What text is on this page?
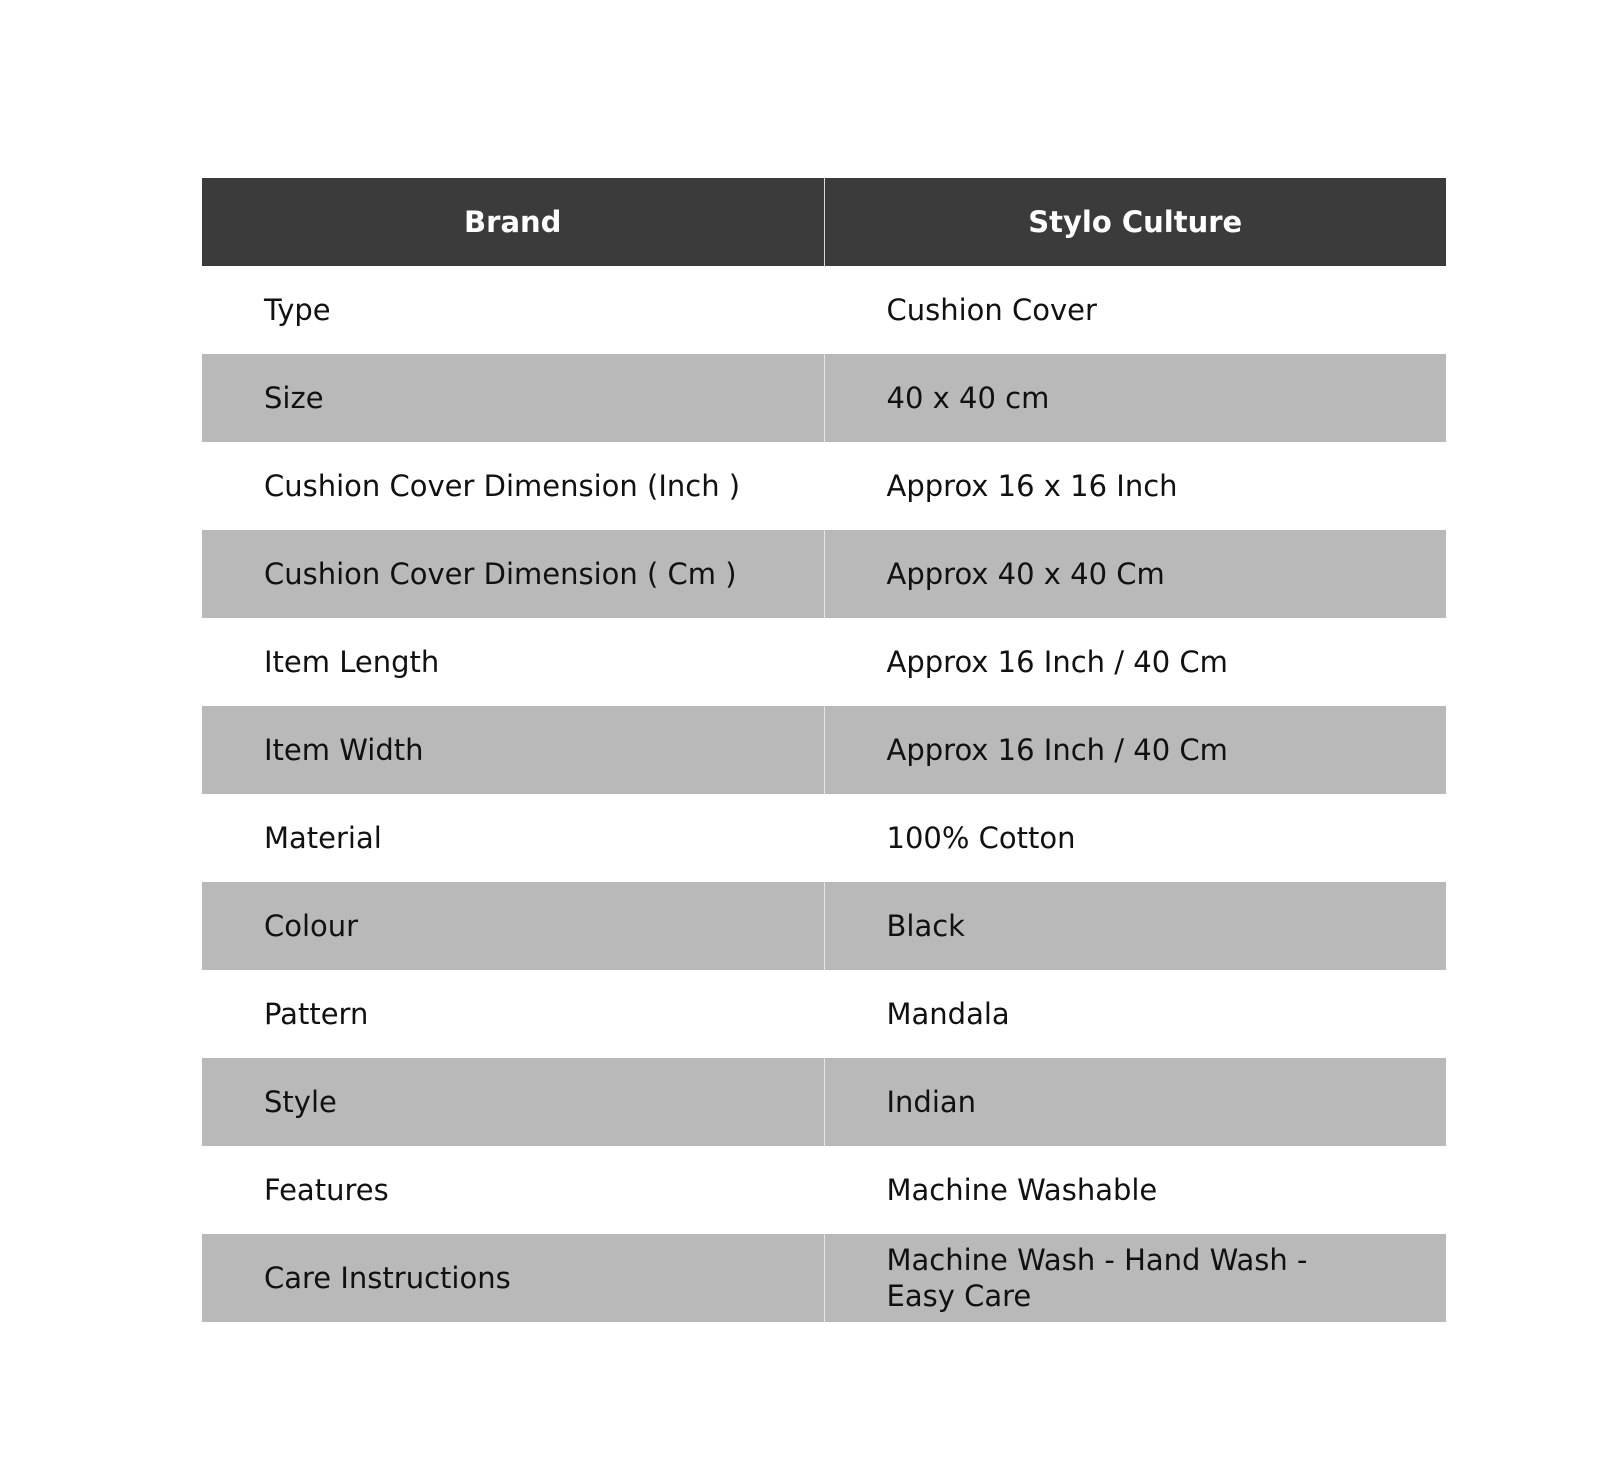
Brand	Stylo Culture
Type	Cushion Cover
Size	40 x 40 cm
Cushion Cover Dimension (Inch )	Approx 16 x 16 Inch
Cushion Cover Dimension ( Cm )	Approx 40 x 40 Cm
Item Length	Approx 16 Inch / 40 Cm
Item Width	Approx 16 Inch / 40 Cm
Material	100% Cotton
Colour	Black
Pattern	Mandala
Style	Indian
Features	Machine Washable
Care Instructions	Machine Wash - Hand Wash - Easy Care
